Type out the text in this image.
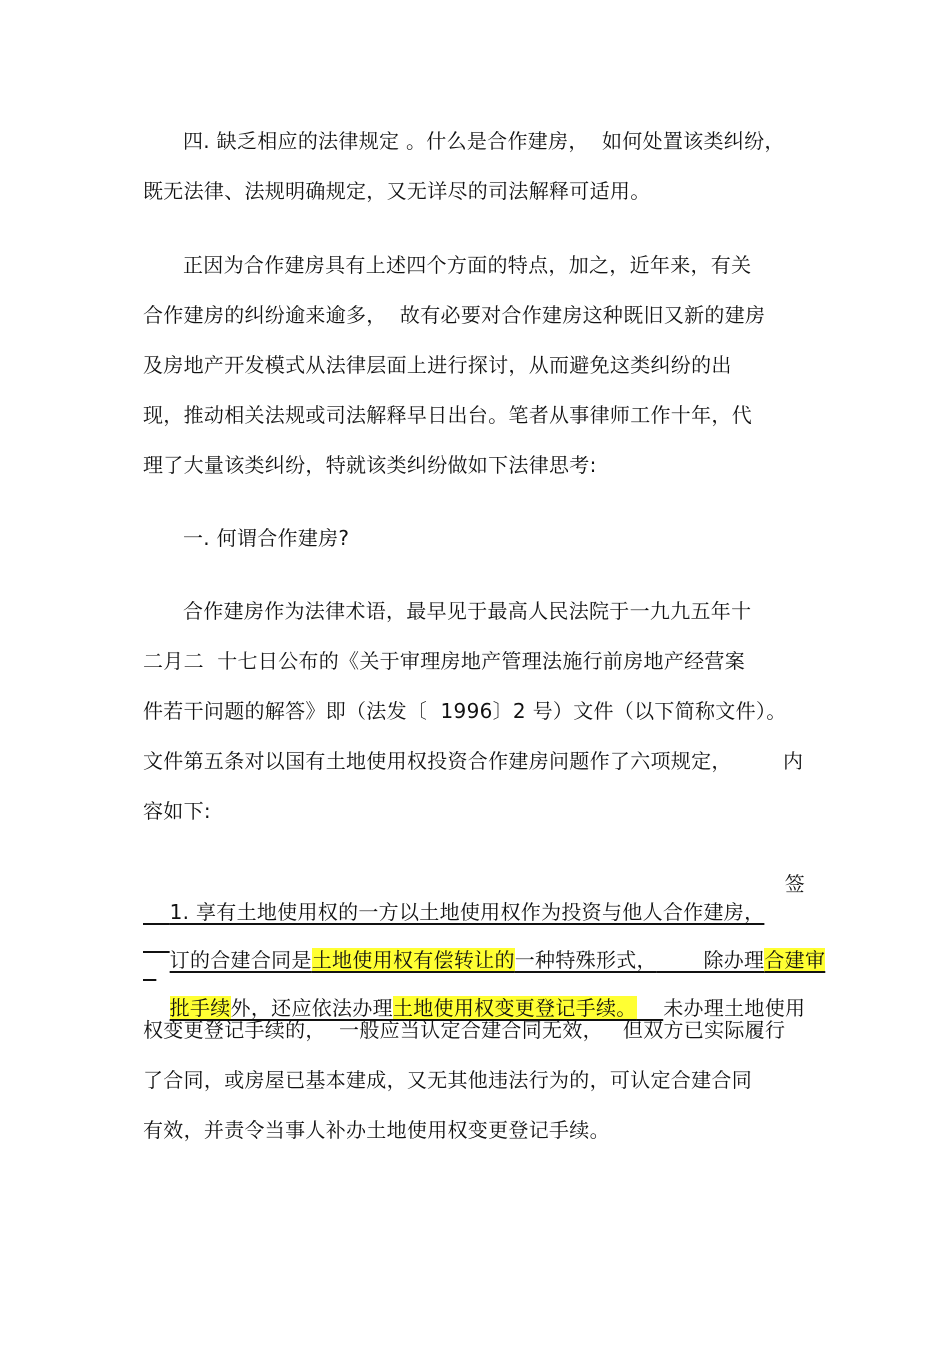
四. 缺乏相应的法律规定 。什么是合作建房，  如何处置该类纠纷，
既无法律、法规明确规定，又无详尽的司法解释可适用。
正因为合作建房具有上述四个方面的特点，加之，近年来，有关
合作建房的纠纷逾来逾多，  故有必要对合作建房这种既旧又新的建房
及房地产开发模式从法律层面上进行探讨，从而避免这类纠纷的出
现，推动相关法规或司法解释早日出台。笔者从事律师工作十年，代
理了大量该类纠纷，特就该类纠纷做如下法律思考:
一. 何谓合作建房?
合作建房作为法律术语，最早见于最高人民法院于一九九五年十
二月二  十七日公布的《关于审理房地产管理法施行前房地产经营案
件若干问题的解答》即（法发〔  1996〕2 号）文件（以下简称文件）。
文件第五条对以国有土地使用权投资合作建房问题作了六项规定，	内
容如下:

1. 享有土地使用权的一方以土地使用权作为投资与他人合作建房，

签

订的合建合同是土地使用权有偿转让的一种特殊形式，       除办理合建审

批手续外，还应依法办理土地使用权变更登记手续。 未办理土地使用

权变更登记手续的，  一般应当认定合建合同无效，   但双方已实际履行
了合同，或房屋已基本建成，又无其他违法行为的，可认定合建合同
有效，并责令当事人补办土地使用权变更登记手续。
